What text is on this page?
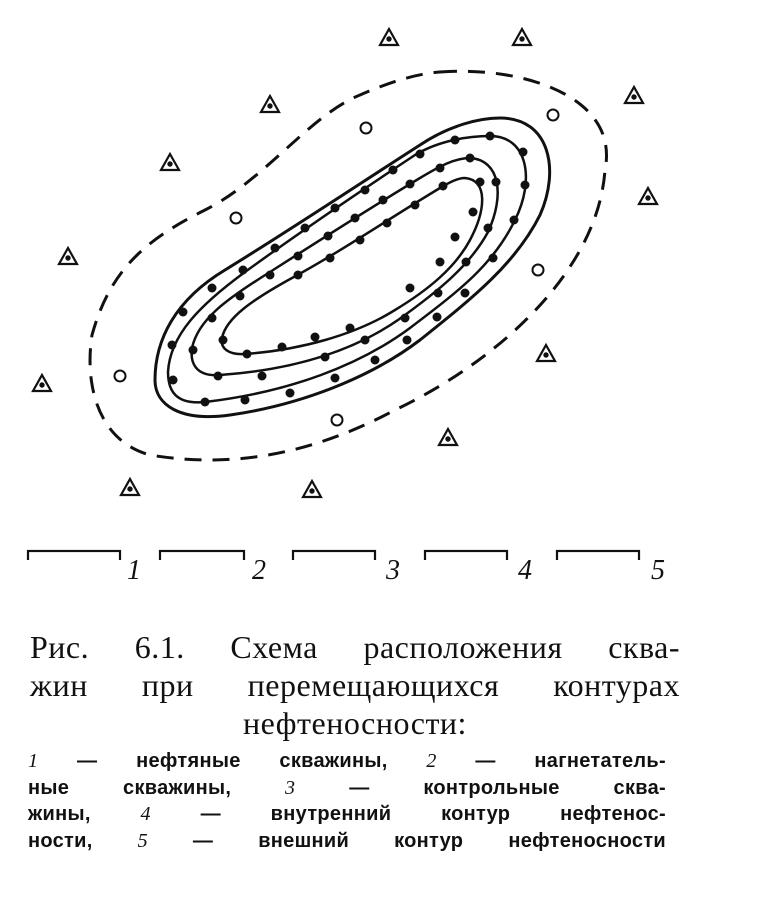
1	2	3	4	5
Рис. 6.1. Схема расположения сква-
жин при перемещающихся контурах
нефтеносности:
1 — нефтяные скважины, 2 — нагнетатель-
ные скважины, 3 — контрольные сква-
жины, 4 — внутренний контур нефтенос-
ности, 5 — внешний контур нефтеносности
